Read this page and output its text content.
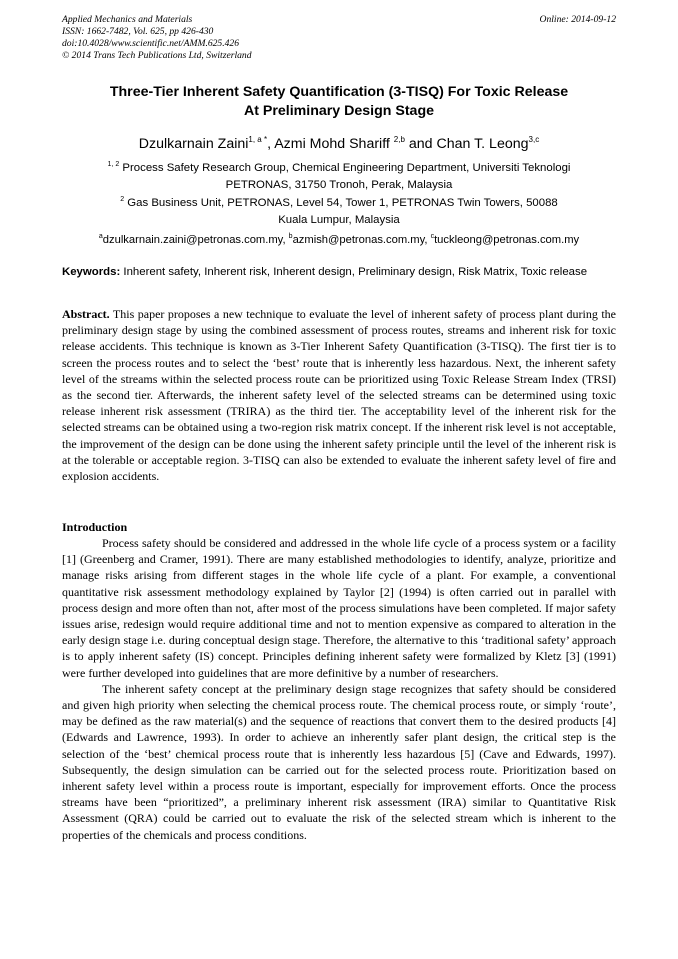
Applied Mechanics and Materials
ISSN: 1662-7482, Vol. 625, pp 426-430
doi:10.4028/www.scientific.net/AMM.625.426
© 2014 Trans Tech Publications Ltd, Switzerland
Online: 2014-09-12
Three-Tier Inherent Safety Quantification (3-TISQ) For Toxic Release
At Preliminary Design Stage
Dzulkarnain Zaini$^{1, a *}$, Azmi Mohd Shariff $^{2,b}$ and Chan T. Leong$^{3,c}$
$^{1, 2}$ Process Safety Research Group, Chemical Engineering Department, Universiti Teknologi
PETRONAS, 31750 Tronoh, Perak, Malaysia
$^2$ Gas Business Unit, PETRONAS, Level 54, Tower 1, PETRONAS Twin Towers, 50088
Kuala Lumpur, Malaysia
$^a$dzulkarnain.zaini@petronas.com.my, $^b$azmish@petronas.com.my, $^c$tuckleong@petronas.com.my
Keywords: Inherent safety, Inherent risk, Inherent design, Preliminary design, Risk Matrix, Toxic release
Abstract. This paper proposes a new technique to evaluate the level of inherent safety of process plant during the preliminary design stage by using the combined assessment of process routes, streams and inherent risk for toxic release accidents. This technique is known as 3-Tier Inherent Safety Quantification (3-TISQ). The first tier is to screen the process routes and to select the ‘best’ route that is inherently less hazardous. Next, the inherent safety level of the streams within the selected process route can be prioritized using Toxic Release Stream Index (TRSI) as the second tier. Afterwards, the inherent safety level of the selected streams can be determined using toxic release inherent risk assessment (TRIRA) as the third tier. The acceptability level of the inherent risk for the selected streams can be obtained using a two-region risk matrix concept. If the inherent risk level is not acceptable, the improvement of the design can be done using the inherent safety principle until the level of the inherent risk is at the tolerable or acceptable region. 3-TISQ can also be extended to evaluate the inherent safety level of fire and explosion accidents.
Introduction

Process safety should be considered and addressed in the whole life cycle of a process system or a facility [1] (Greenberg and Cramer, 1991). There are many established methodologies to identify, analyze, prioritize and manage risks arising from different stages in the whole life cycle of a plant. For example, a conventional quantitative risk assessment methodology explained by Taylor [2] (1994) is often carried out in parallel with process design and more often than not, after most of the process simulations have been completed. If major safety issues arise, redesign would require additional time and not to mention expensive as compared to alteration in the early design stage i.e. during conceptual design stage. Therefore, the alternative to this ‘traditional safety’ approach is to apply inherent safety (IS) concept. Principles defining inherent safety were formalized by Kletz [3] (1991) were further developed into guidelines that are more definitive by a number of researchers.

The inherent safety concept at the preliminary design stage recognizes that safety should be considered and given high priority when selecting the chemical process route. The chemical process route, or simply ‘route’, may be defined as the raw material(s) and the sequence of reactions that convert them to the desired products [4] (Edwards and Lawrence, 1993). In order to achieve an inherently safer plant design, the critical step is the selection of the ‘best’ chemical process route that is inherently less hazardous [5] (Cave and Edwards, 1997). Subsequently, the design simulation can be carried out for the selected process route. Prioritization based on inherent safety level within a process route is important, especially for improvement efforts. Once the process streams have been “prioritized”, a preliminary inherent risk assessment (IRA) similar to Quantitative Risk Assessment (QRA) could be carried out to evaluate the risk of the selected stream which is inherent to the properties of the chemicals and process conditions.
